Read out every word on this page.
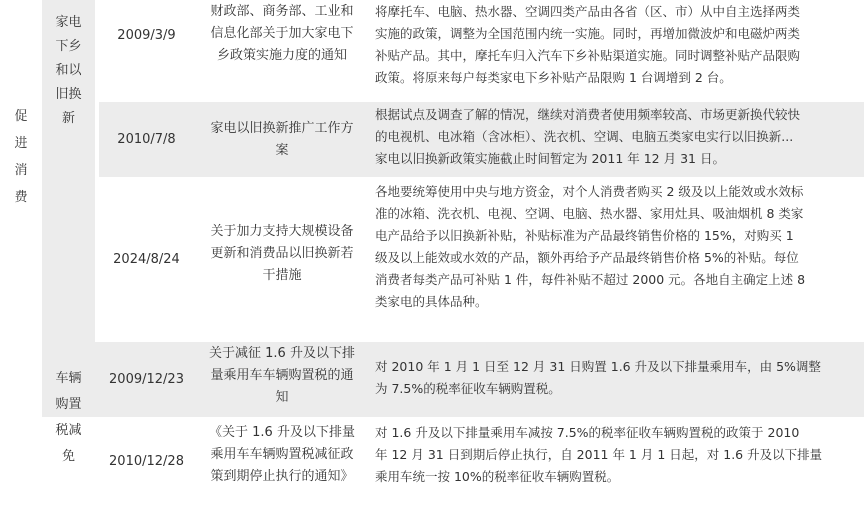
促
进
消
费
家电
下乡
和以
旧换
新
车辆
购置
税减
免
2009/3/9
财政部、商务部、工业和
信息化部关于加大家电下
乡政策实施力度的通知
将摩托车、电脑、热水器、空调四类产品由各省（区、市）从中自主选择两类
实施的政策，调整为全国范围内统一实施。同时，再增加微波炉和电磁炉两类
补贴产品。其中，摩托车归入汽车下乡补贴渠道实施。同时调整补贴产品限购
政策。将原来每户每类家电下乡补贴产品限购 1 台调增到 2 台。
2010/7/8
家电以旧换新推广工作方
案
根据试点及调查了解的情况，继续对消费者使用频率较高、市场更新换代较快
的电视机、电冰箱（含冰柜）、洗衣机、空调、电脑五类家电实行以旧换新...
家电以旧换新政策实施截止时间暂定为 2011 年 12 月 31 日。
2024/8/24
关于加力支持大规模设备
更新和消费品以旧换新若
干措施
各地要统筹使用中央与地方资金，对个人消费者购买 2 级及以上能效或水效标
准的冰箱、洗衣机、电视、空调、电脑、热水器、家用灶具、吸油烟机 8 类家
电产品给予以旧换新补贴，补贴标准为产品最终销售价格的 15%，对购买 1
级及以上能效或水效的产品，额外再给予产品最终销售价格 5%的补贴。每位
消费者每类产品可补贴 1 件，每件补贴不超过 2000 元。各地自主确定上述 8
类家电的具体品种。
2009/12/23
关于减征 1.6 升及以下排
量乘用车车辆购置税的通
知
对 2010 年 1 月 1 日至 12 月 31 日购置 1.6 升及以下排量乘用车，由 5%调整
为 7.5%的税率征收车辆购置税。
2010/12/28
《关于 1.6 升及以下排量
乘用车车辆购置税减征政
策到期停止执行的通知》
对 1.6 升及以下排量乘用车减按 7.5%的税率征收车辆购置税的政策于 2010
年 12 月 31 日到期后停止执行，自 2011 年 1 月 1 日起，对 1.6 升及以下排量
乘用车统一按 10%的税率征收车辆购置税。
